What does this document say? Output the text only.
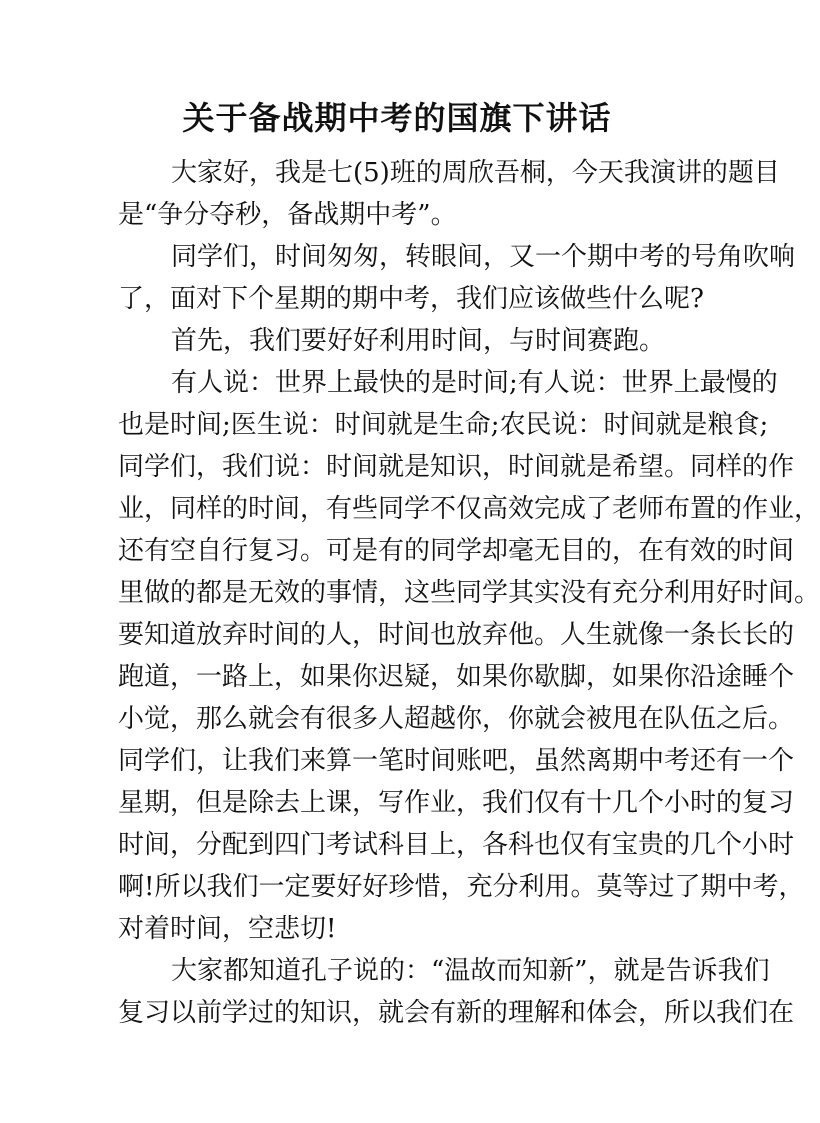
关于备战期中考的国旗下讲话
大家好，我是七(5)班的周欣吾桐，今天我演讲的题目
是“争分夺秒，备战期中考”。
同学们，时间匆匆，转眼间，又一个期中考的号角吹响
了，面对下个星期的期中考，我们应该做些什么呢?
首先，我们要好好利用时间，与时间赛跑。
有人说：世界上最快的是时间;有人说：世界上最慢的
也是时间;医生说：时间就是生命;农民说：时间就是粮食;
同学们，我们说：时间就是知识，时间就是希望。同样的作
业，同样的时间，有些同学不仅高效完成了老师布置的作业，
还有空自行复习。可是有的同学却毫无目的，在有效的时间
里做的都是无效的事情，这些同学其实没有充分利用好时间。
要知道放弃时间的人，时间也放弃他。人生就像一条长长的
跑道，一路上，如果你迟疑，如果你歇脚，如果你沿途睡个
小觉，那么就会有很多人超越你，你就会被甩在队伍之后。
同学们，让我们来算一笔时间账吧，虽然离期中考还有一个
星期，但是除去上课，写作业，我们仅有十几个小时的复习
时间，分配到四门考试科目上，各科也仅有宝贵的几个小时
啊!所以我们一定要好好珍惜，充分利用。莫等过了期中考，
对着时间，空悲切!
大家都知道孔子说的：“温故而知新”，就是告诉我们
复习以前学过的知识，就会有新的理解和体会，所以我们在
